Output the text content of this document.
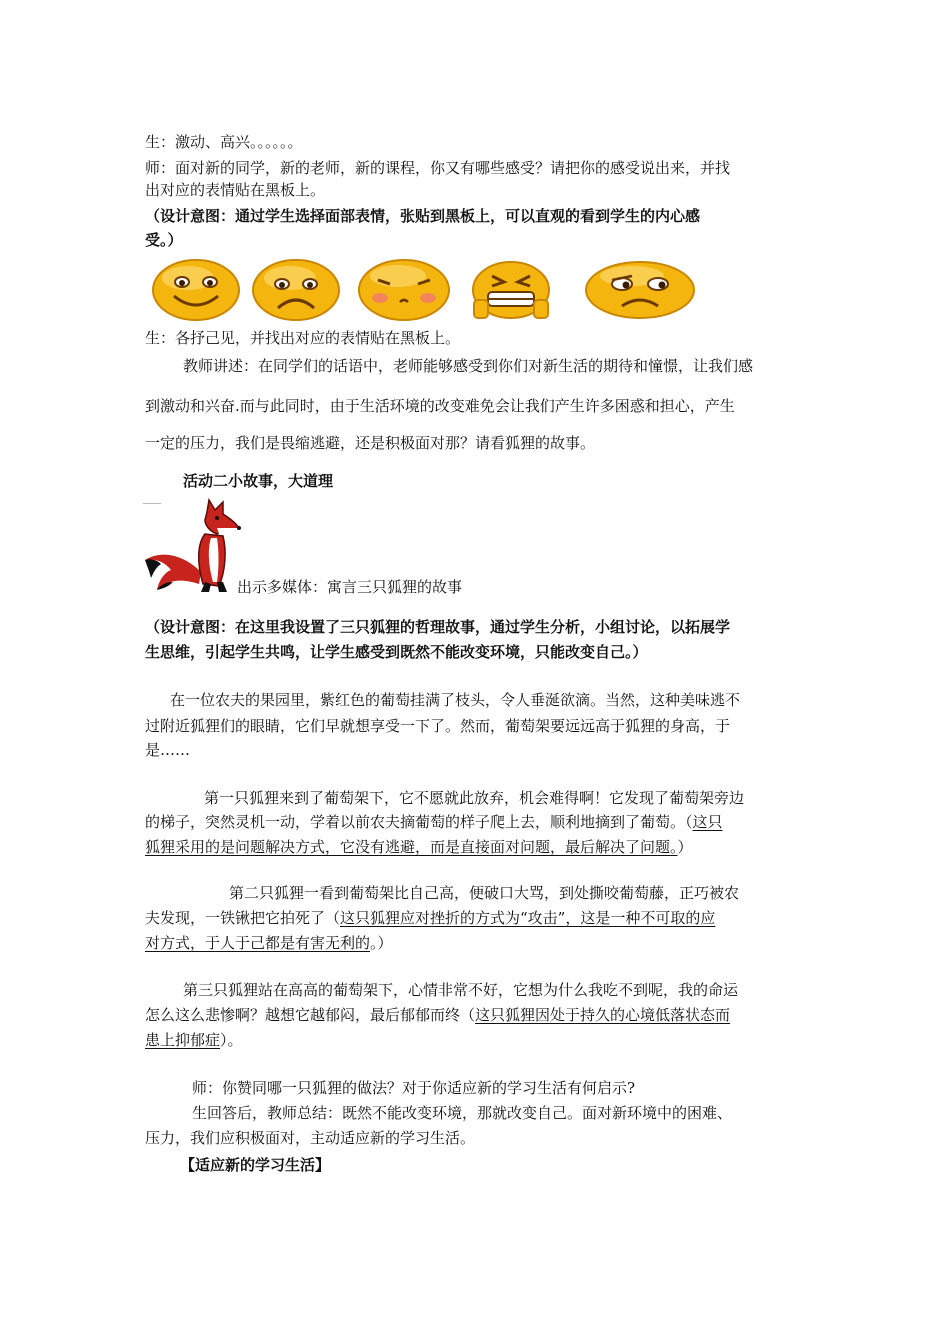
生：激动、高兴。。。。。。
师：面对新的同学，新的老师，新的课程，你又有哪些感受？请把你的感受说出来，并找
出对应的表情贴在黑板上。
（设计意图：通过学生选择面部表情，张贴到黑板上，可以直观的看到学生的内心感
受。）
生：各抒己见，并找出对应的表情贴在黑板上。
教师讲述：在同学们的话语中，老师能够感受到你们对新生活的期待和憧憬，让我们感
到激动和兴奋.而与此同时，由于生活环境的改变难免会让我们产生许多困惑和担心，产生
一定的压力，我们是畏缩逃避，还是积极面对那？请看狐狸的故事。
活动二小故事，大道理
出示多媒体：寓言三只狐狸的故事
（设计意图：在这里我设置了三只狐狸的哲理故事，通过学生分析，小组讨论，以拓展学
生思维，引起学生共鸣，让学生感受到既然不能改变环境，只能改变自己。）
在一位农夫的果园里，紫红色的葡萄挂满了枝头，令人垂涎欲滴。当然，这种美味逃不
过附近狐狸们的眼睛，它们早就想享受一下了。然而，葡萄架要远远高于狐狸的身高，于
是……
第一只狐狸来到了葡萄架下，它不愿就此放弃，机会难得啊！它发现了葡萄架旁边
的梯子，突然灵机一动，学着以前农夫摘葡萄的样子爬上去，顺利地摘到了葡萄。（这只
狐狸采用的是问题解决方式，它没有逃避，而是直接面对问题，最后解决了问题。）
第二只狐狸一看到葡萄架比自己高，便破口大骂，到处撕咬葡萄藤，正巧被农
夫发现，一铁锹把它拍死了（这只狐狸应对挫折的方式为“攻击”，这是一种不可取的应
对方式，于人于己都是有害无利的。）
第三只狐狸站在高高的葡萄架下，心情非常不好，它想为什么我吃不到呢，我的命运
怎么这么悲惨啊？越想它越郁闷，最后郁郁而终（这只狐狸因处于持久的心境低落状态而
患上抑郁症）。
师：你赞同哪一只狐狸的做法？对于你适应新的学习生活有何启示?
生回答后，教师总结：既然不能改变环境，那就改变自己。面对新环境中的困难、
压力，我们应积极面对，主动适应新的学习生活。
【适应新的学习生活】
